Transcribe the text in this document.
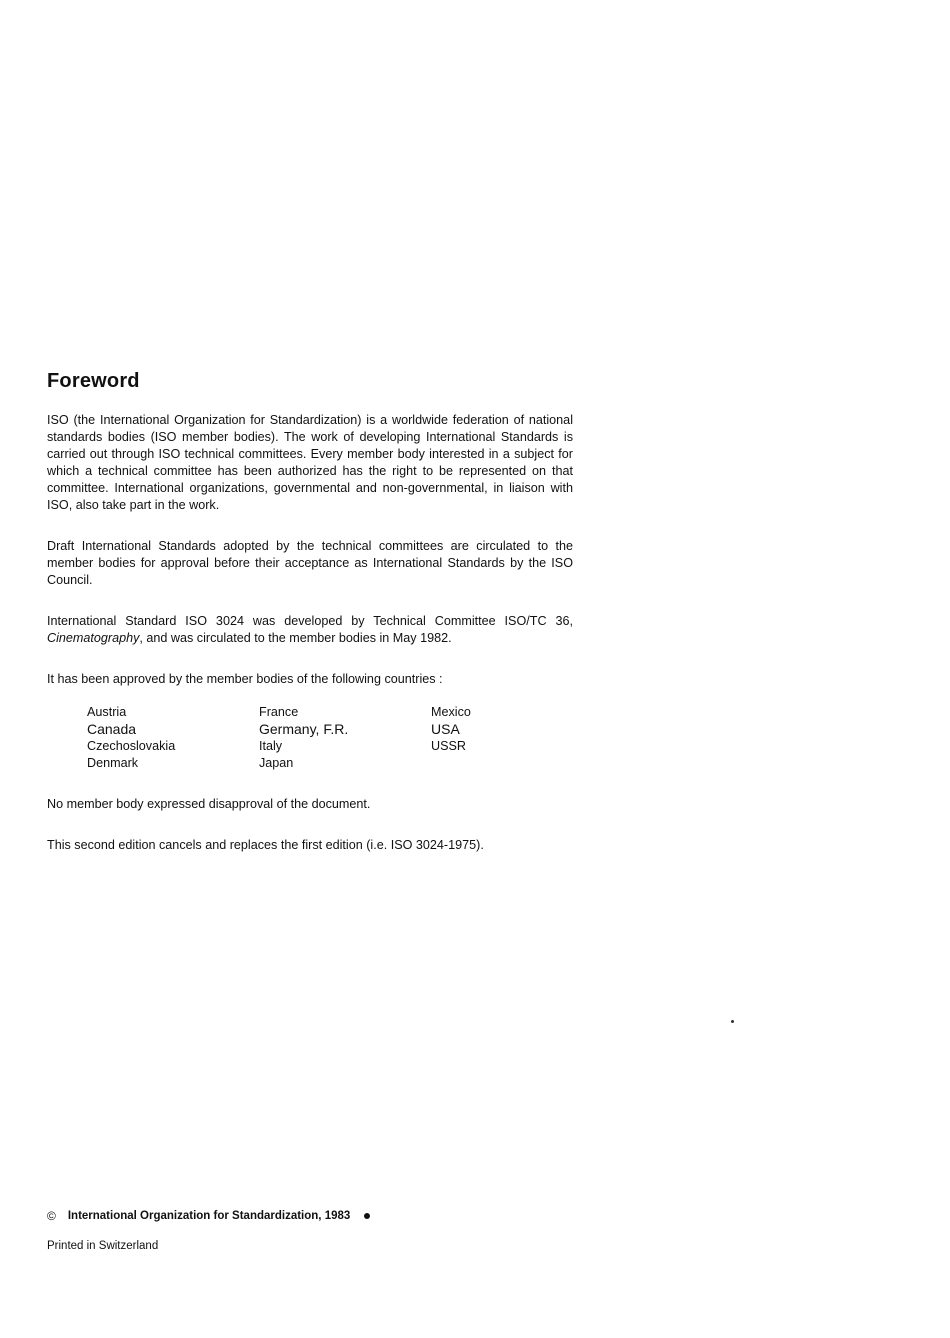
Foreword

ISO (the International Organization for Standardization) is a worldwide federation of national standards bodies (ISO member bodies). The work of developing International Standards is carried out through ISO technical committees. Every member body interested in a subject for which a technical committee has been authorized has the right to be represented on that committee. International organizations, governmental and non-governmental, in liaison with ISO, also take part in the work.

Draft International Standards adopted by the technical committees are circulated to the member bodies for approval before their acceptance as International Standards by the ISO Council.

International Standard ISO 3024 was developed by Technical Committee ISO/TC 36, Cinematography, and was circulated to the member bodies in May 1982.

It has been approved by the member bodies of the following countries :

Austria
Canada
Czechoslovakia
Denmark
France
Germany, F.R.
Italy
Japan
Mexico
USA
USSR

No member body expressed disapproval of the document.

This second edition cancels and replaces the first edition (i.e. ISO 3024-1975).

© International Organization for Standardization, 1983
Printed in Switzerland
